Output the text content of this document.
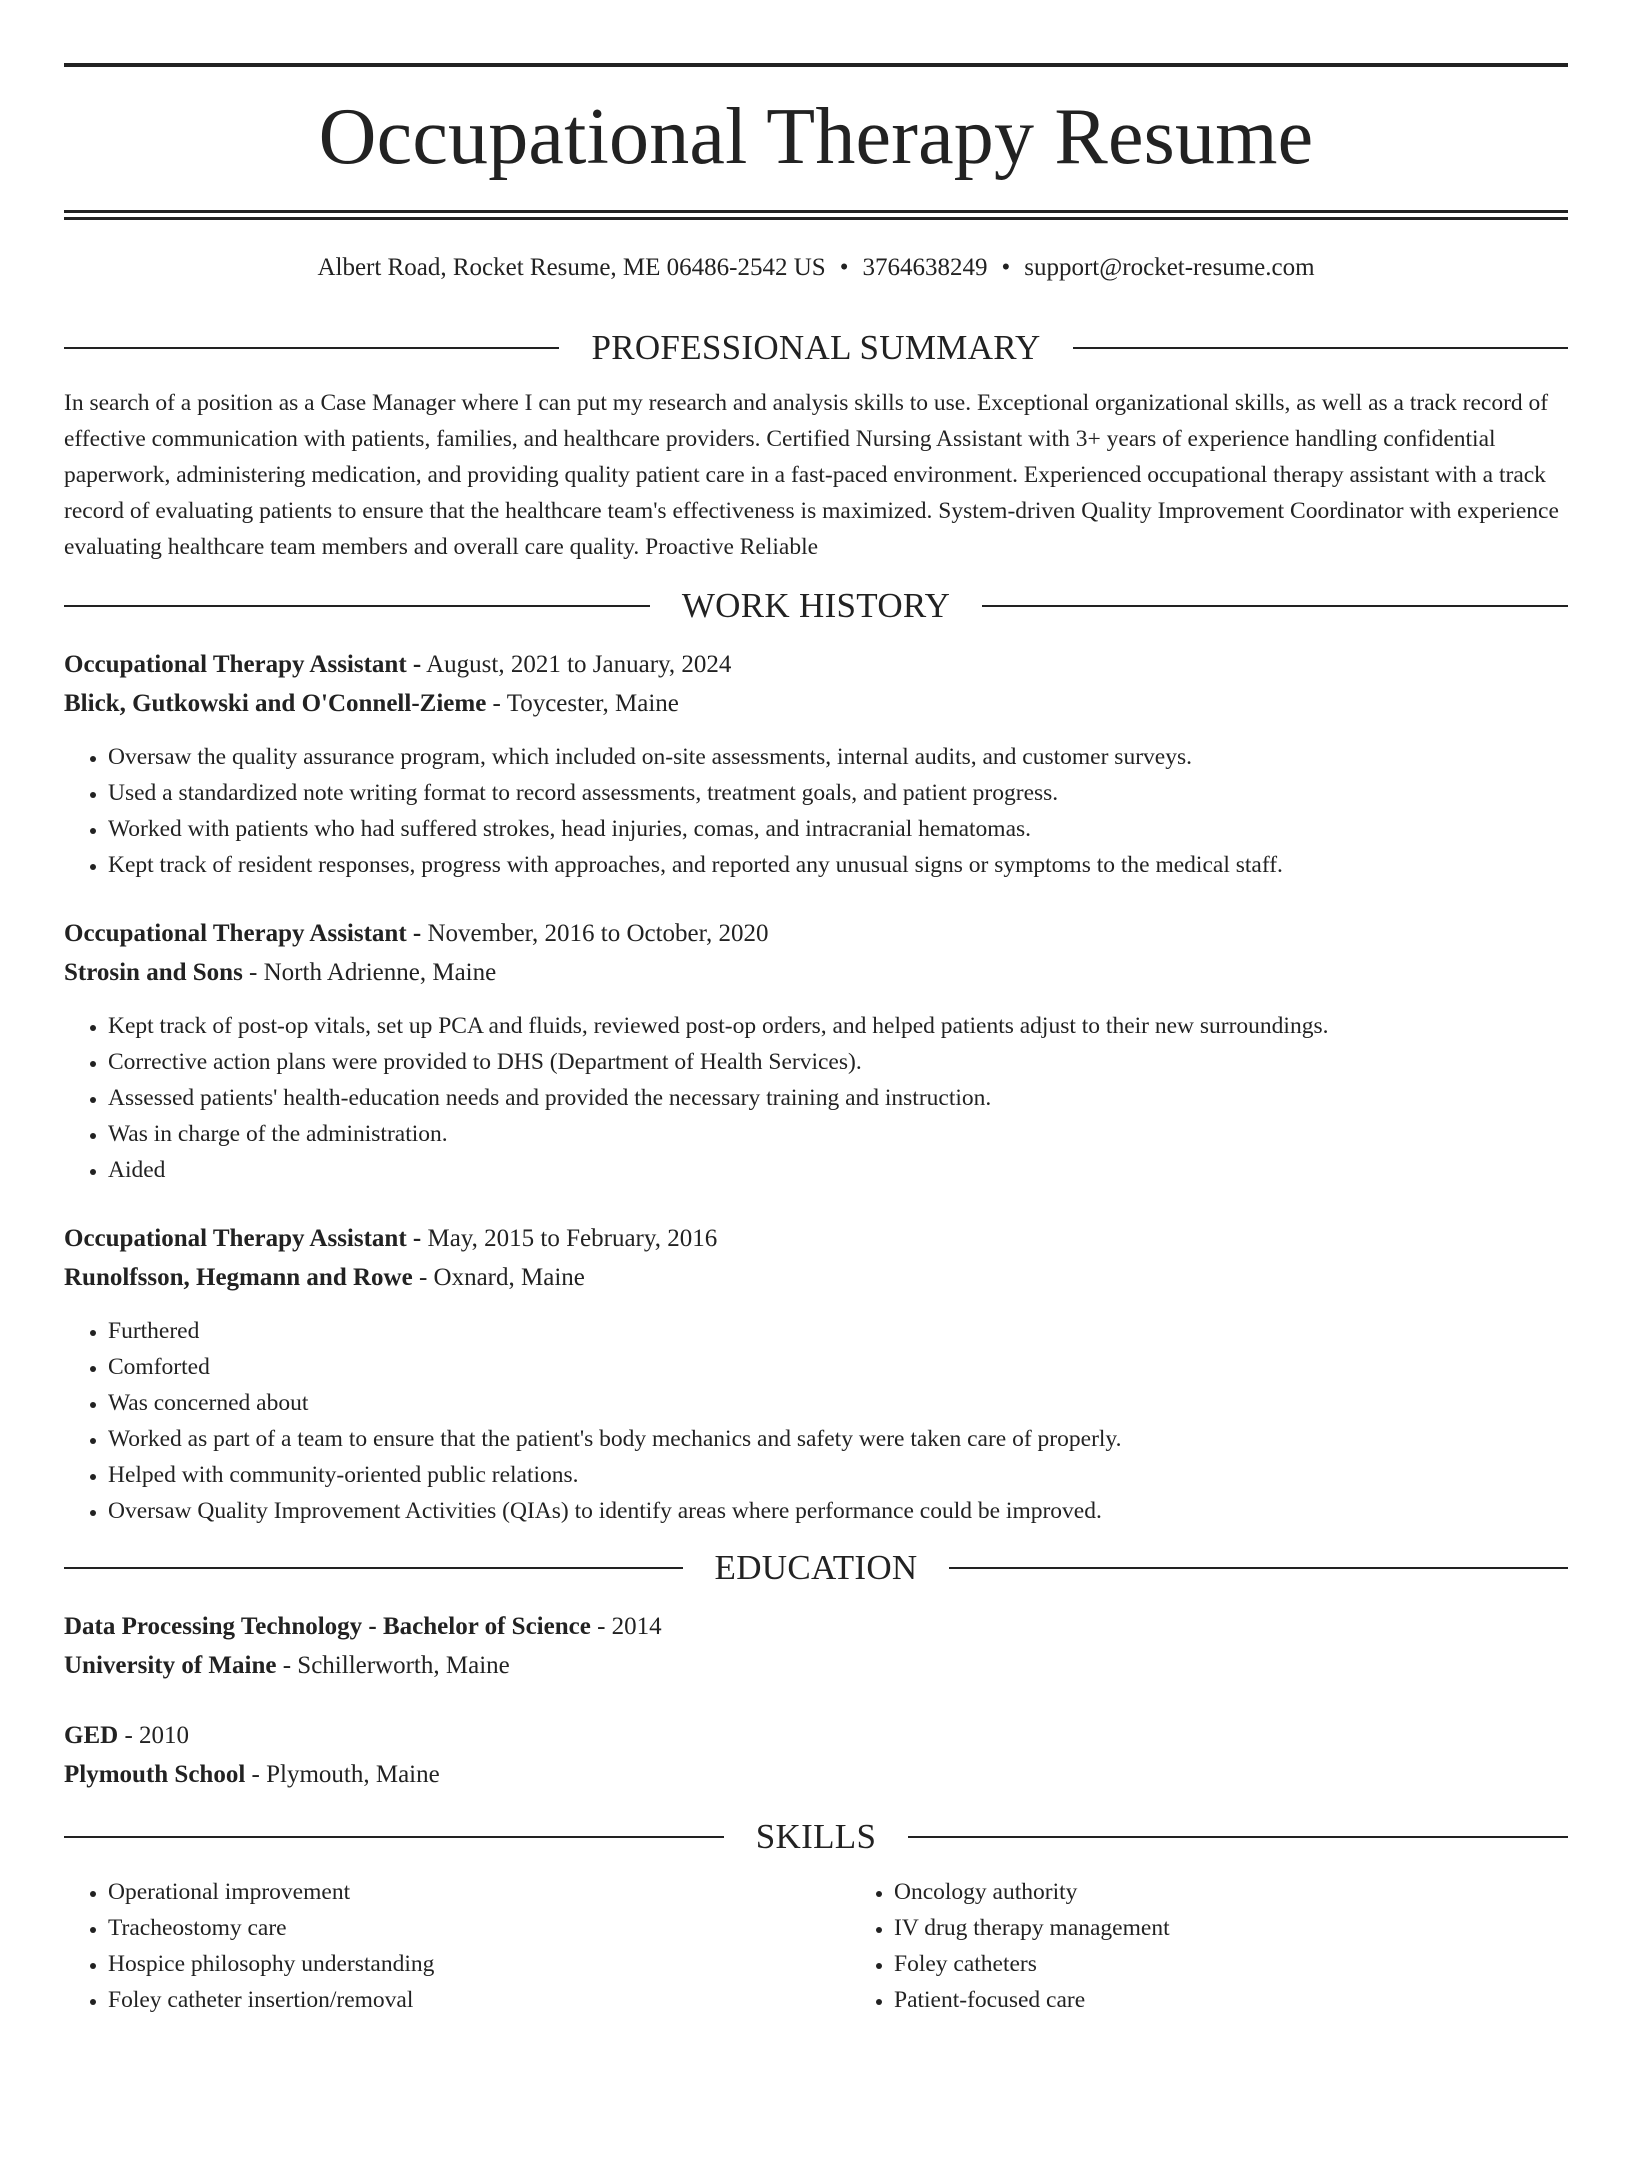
Occupational Therapy Resume
Albert Road, Rocket Resume, ME 06486-2542 US • 3764638249 • support@rocket-resume.com
PROFESSIONAL SUMMARY

In search of a position as a Case Manager where I can put my research and analysis skills to use. Exceptional organizational skills, as well as a track record of effective communication with patients, families, and healthcare providers. Certified Nursing Assistant with 3+ years of experience handling confidential paperwork, administering medication, and providing quality patient care in a fast-paced environment. Experienced occupational therapy assistant with a track record of evaluating patients to ensure that the healthcare team's effectiveness is maximized. System-driven Quality Improvement Coordinator with experience evaluating healthcare team members and overall care quality. Proactive Reliable

WORK HISTORY
Occupational Therapy Assistant - August, 2021 to January, 2024
Blick, Gutkowski and O'Connell-Zieme - Toycester, Maine
• Oversaw the quality assurance program, which included on-site assessments, internal audits, and customer surveys.
• Used a standardized note writing format to record assessments, treatment goals, and patient progress.
• Worked with patients who had suffered strokes, head injuries, comas, and intracranial hematomas.
• Kept track of resident responses, progress with approaches, and reported any unusual signs or symptoms to the medical staff.
Occupational Therapy Assistant - November, 2016 to October, 2020
Strosin and Sons - North Adrienne, Maine
• Kept track of post-op vitals, set up PCA and fluids, reviewed post-op orders, and helped patients adjust to their new surroundings.
• Corrective action plans were provided to DHS (Department of Health Services).
• Assessed patients' health-education needs and provided the necessary training and instruction.
• Was in charge of the administration.
• Aided
Occupational Therapy Assistant - May, 2015 to February, 2016
Runolfsson, Hegmann and Rowe - Oxnard, Maine
• Furthered
• Comforted
• Was concerned about
• Worked as part of a team to ensure that the patient's body mechanics and safety were taken care of properly.
• Helped with community-oriented public relations.
• Oversaw Quality Improvement Activities (QIAs) to identify areas where performance could be improved.
EDUCATION
Data Processing Technology - Bachelor of Science - 2014
University of Maine - Schillerworth, Maine
GED - 2010
Plymouth School - Plymouth, Maine
SKILLS
• Operational improvement
• Tracheostomy care
• Hospice philosophy understanding
• Foley catheter insertion/removal
• Oncology authority
• IV drug therapy management
• Foley catheters
• Patient-focused care
